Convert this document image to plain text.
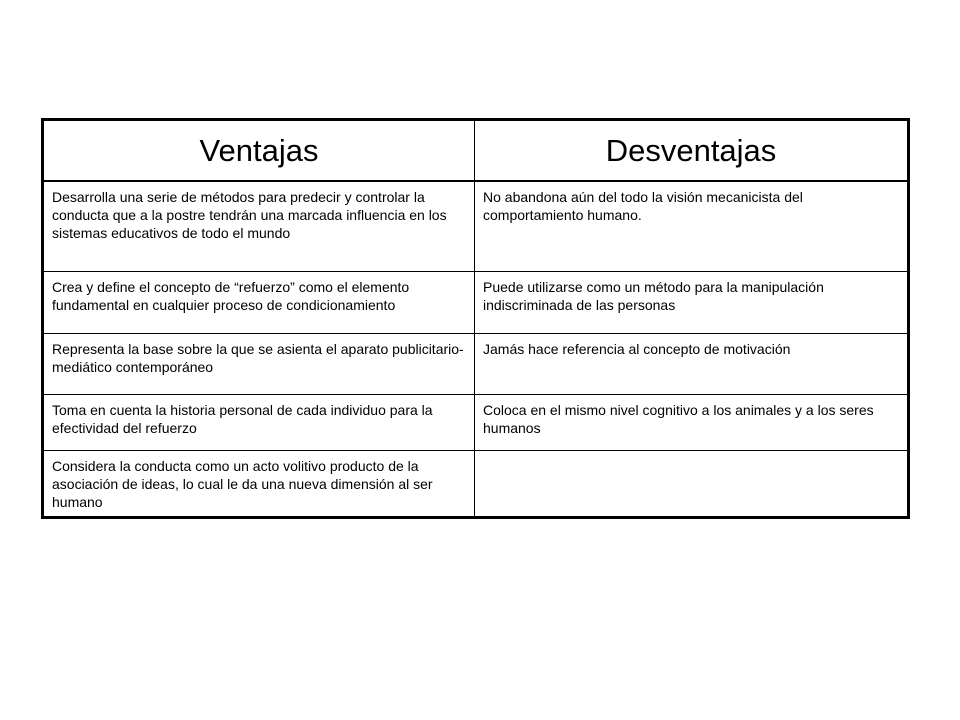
Ventajas	Desventajas
Desarrolla una serie de métodos para predecir y controlar la conducta que a la postre tendrán una marcada influencia en los sistemas educativos de todo el mundo	No abandona aún del todo la visión mecanicista del comportamiento humano.
Crea y define el concepto de “refuerzo” como el elemento fundamental en cualquier proceso de condicionamiento	Puede utilizarse como un método para la manipulación indiscriminada de las personas
Representa la base sobre la que se asienta el aparato publicitario-mediático contemporáneo	Jamás hace referencia al concepto de motivación
Toma en cuenta la historia personal de cada individuo para la efectividad del refuerzo	Coloca en el mismo nivel cognitivo a los animales y a los seres humanos
Considera la conducta como un acto volitivo producto de la asociación de ideas, lo cual le da una nueva dimensión al ser humano	
